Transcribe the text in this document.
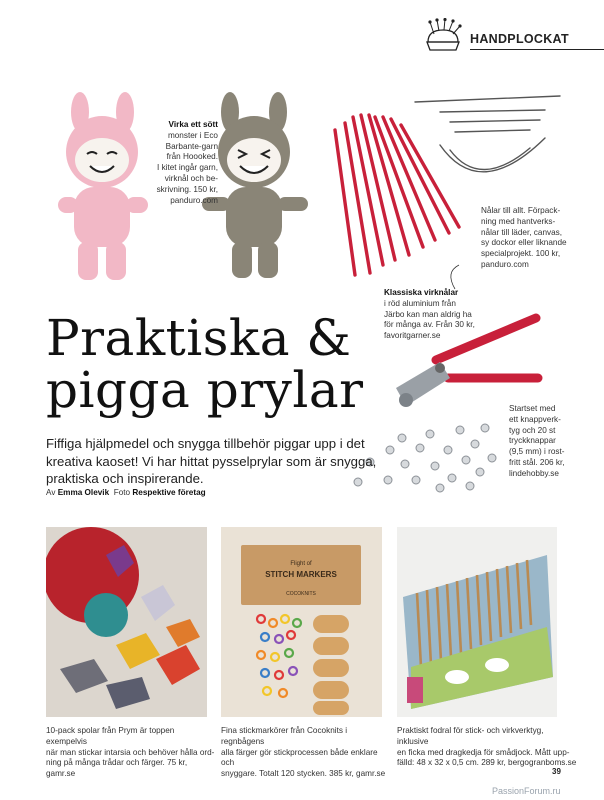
HANDPLOCKAT
Virka ett sött
monster i Eco
Barbante-garn
från Hoooked.
I kitet ingår garn,
virknål och be-
skrivning. 150 kr,
panduro.com
Nålar till allt. Förpack-
ning med hantverks-
nålar till läder, canvas,
sy dockor eller liknande
specialprojekt. 100 kr,
panduro.com
Klassiska virknålar
i röd aluminium från
Järbo kan man aldrig ha
för många av. Från 30 kr,
favoritgarner.se
Startset med
ett knappverk-
tyg och 20 st
tryckknappar
(9,5 mm) i rost-
fritt stål. 206 kr,
lindehobby.se
Praktiska &
pigga prylar

Fiffiga hjälpmedel och snygga tillbehör piggar upp i det kreativa kaoset! Vi har hittat pysselprylar som är snygga, praktiska och inspirerande.

Av Emma Olevik Foto Respektive företag
10-pack spolar från Prym är toppen exempelvis
när man stickar intarsia och behöver hålla ord-
ning på många trådar och färger. 75 kr, gamr.se
Flight of
STITCH MARKERS
COCOKNITS
Fina stickmarkörer från Cocoknits i regnbågens
alla färger gör stickprocessen både enklare och
snyggare. Totalt 120 stycken. 385 kr, gamr.se
Praktiskt fodral för stick- och virkverktyg, inklusive
en ficka med dragkedja för smådjock. Mått upp-
fälld: 48 x 32 x 0,5 cm. 289 kr, bergogranboms.se
39
PassionForum.ru
